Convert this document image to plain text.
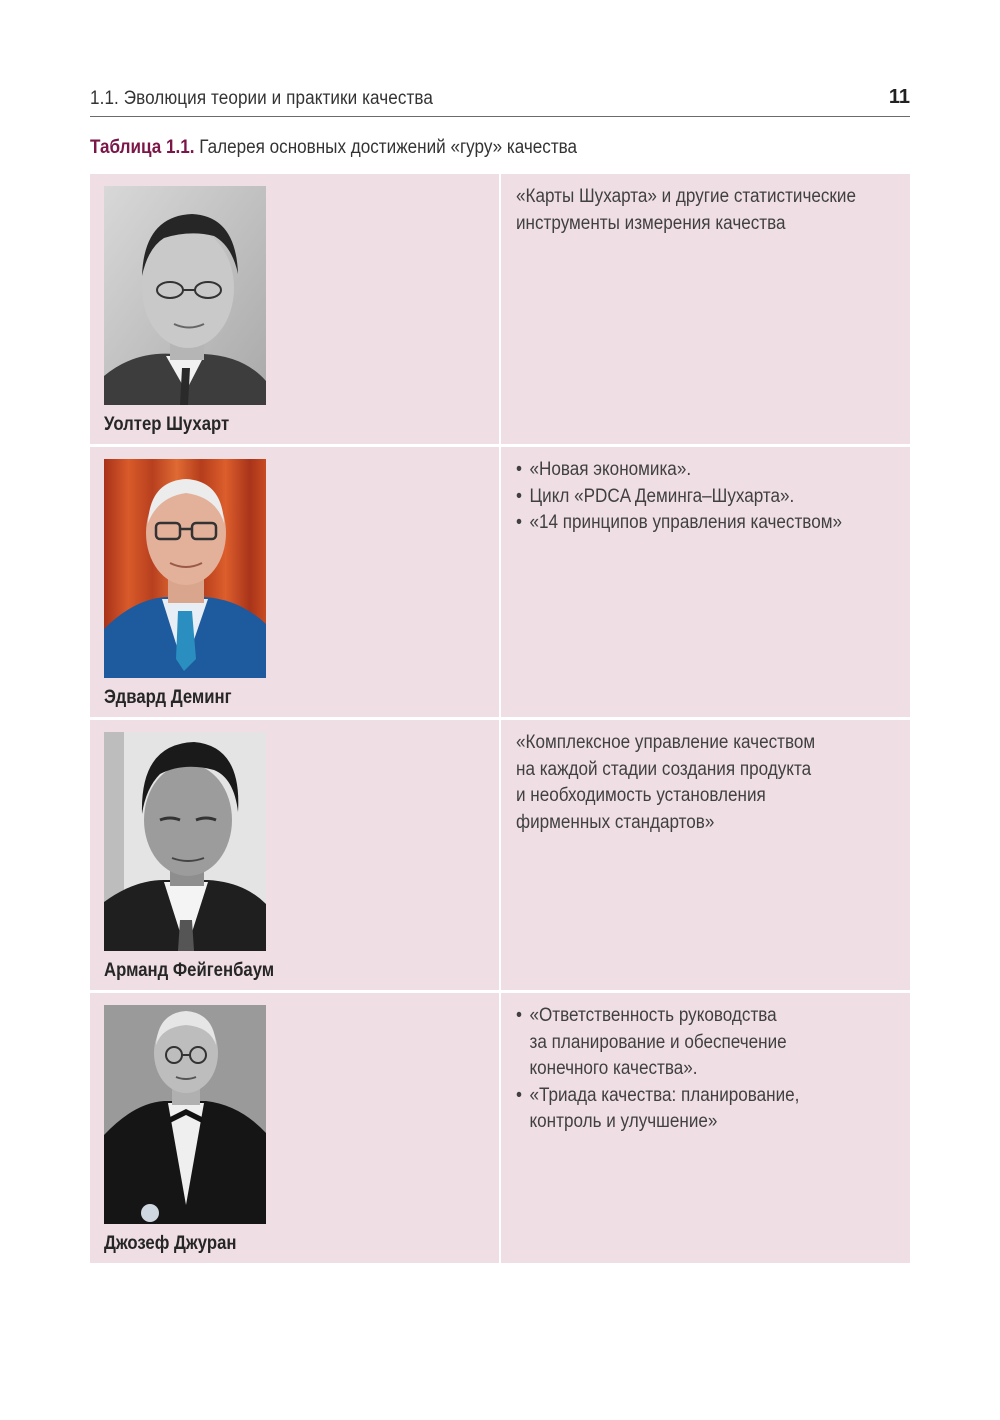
1.1. Эволюция теории и практики качества	11
Таблица 1.1. Галерея основных достижений «гуру» качества
Уолтер Шухарт

«Карты Шухарта» и другие статистические

инструменты измерения качества

Эдвард Деминг
• «Новая экономика».
• Цикл «PDCA Деминга–Шухарта».
• «14 принципов управления качеством»
Арманд Фейгенбаум

«Комплексное управление качеством

на каждой стадии создания продукта

и необходимость установления

фирменных стандартов»

Джозеф Джуран
• «Ответственность руководства
за планирование и обеспечение
конечного качества».
• «Триада качества: планирование,
контроль и улучшение»
